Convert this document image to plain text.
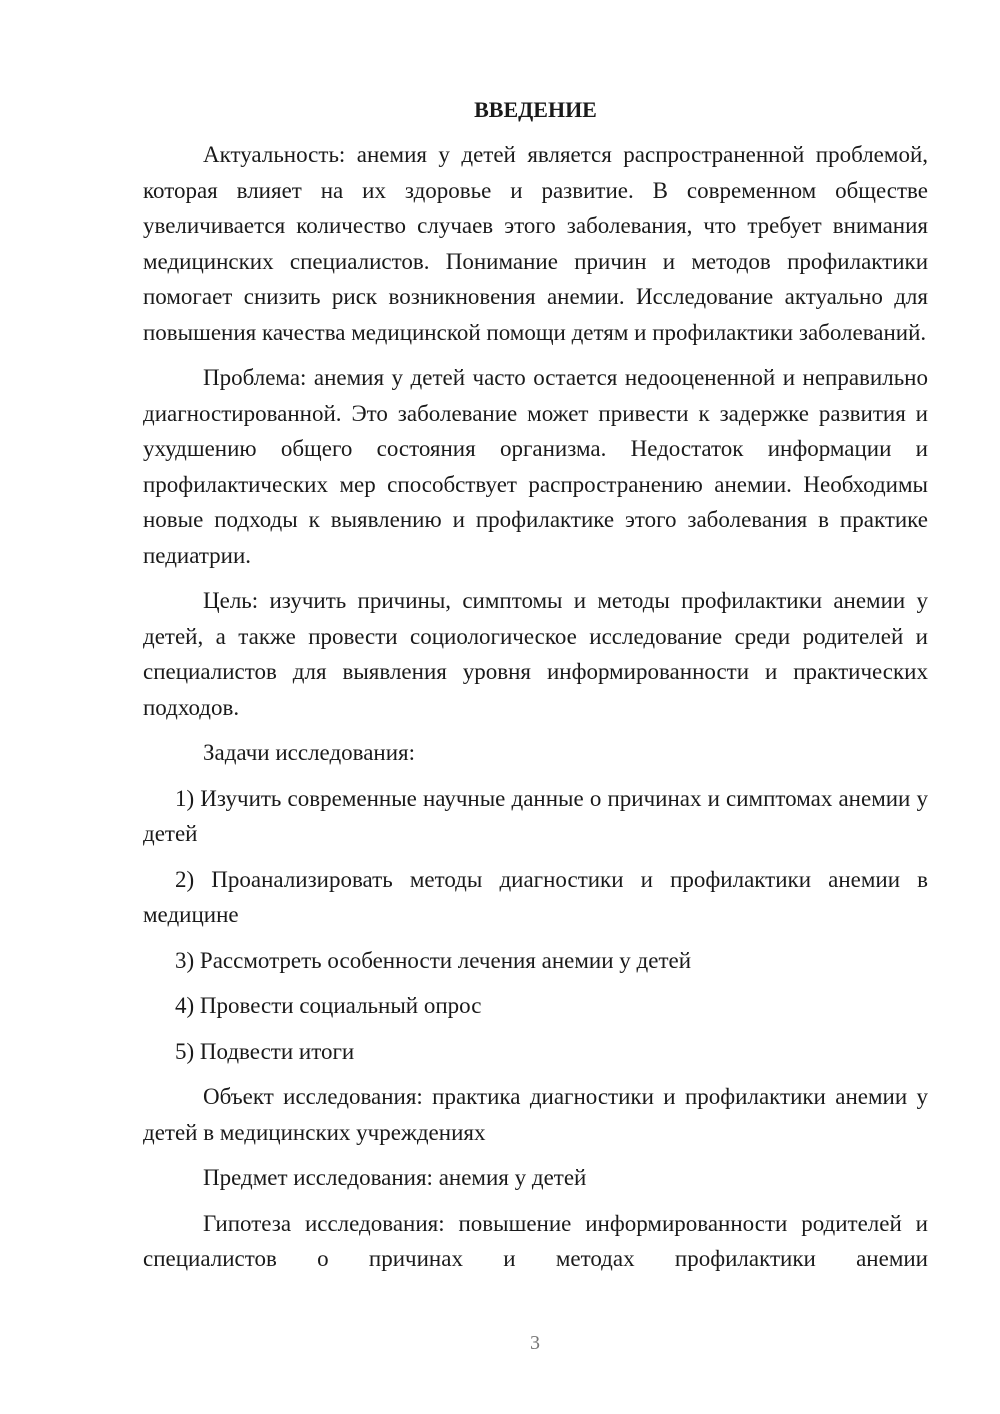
ВВЕДЕНИЕ

Актуальность: анемия у детей является распространенной проблемой, которая влияет на их здоровье и развитие. В современном обществе увеличивается количество случаев этого заболевания, что требует внимания медицинских специалистов. Понимание причин и методов профилактики помогает снизить риск возникновения анемии. Исследование актуально для повышения качества медицинской помощи детям и профилактики заболеваний.

Проблема: анемия у детей часто остается недооцененной и неправильно диагностированной. Это заболевание может привести к задержке развития и ухудшению общего состояния организма. Недостаток информации и профилактических мер способствует распространению анемии. Необходимы новые подходы к выявлению и профилактике этого заболевания в практике педиатрии.

Цель: изучить причины, симптомы и методы профилактики анемии у детей, а также провести социологическое исследование среди родителей и специалистов для выявления уровня информированности и практических подходов.

Задачи исследования:

1) Изучить современные научные данные о причинах и симптомах анемии у детей

2) Проанализировать методы диагностики и профилактики анемии в медицине

3) Рассмотреть особенности лечения анемии у детей

4) Провести социальный опрос

5) Подвести итоги

Объект исследования: практика диагностики и профилактики анемии у детей в медицинских учреждениях

Предмет исследования: анемия у детей

Гипотеза исследования: повышение информированности родителей и специалистов о причинах и методах профилактики анемии

3
